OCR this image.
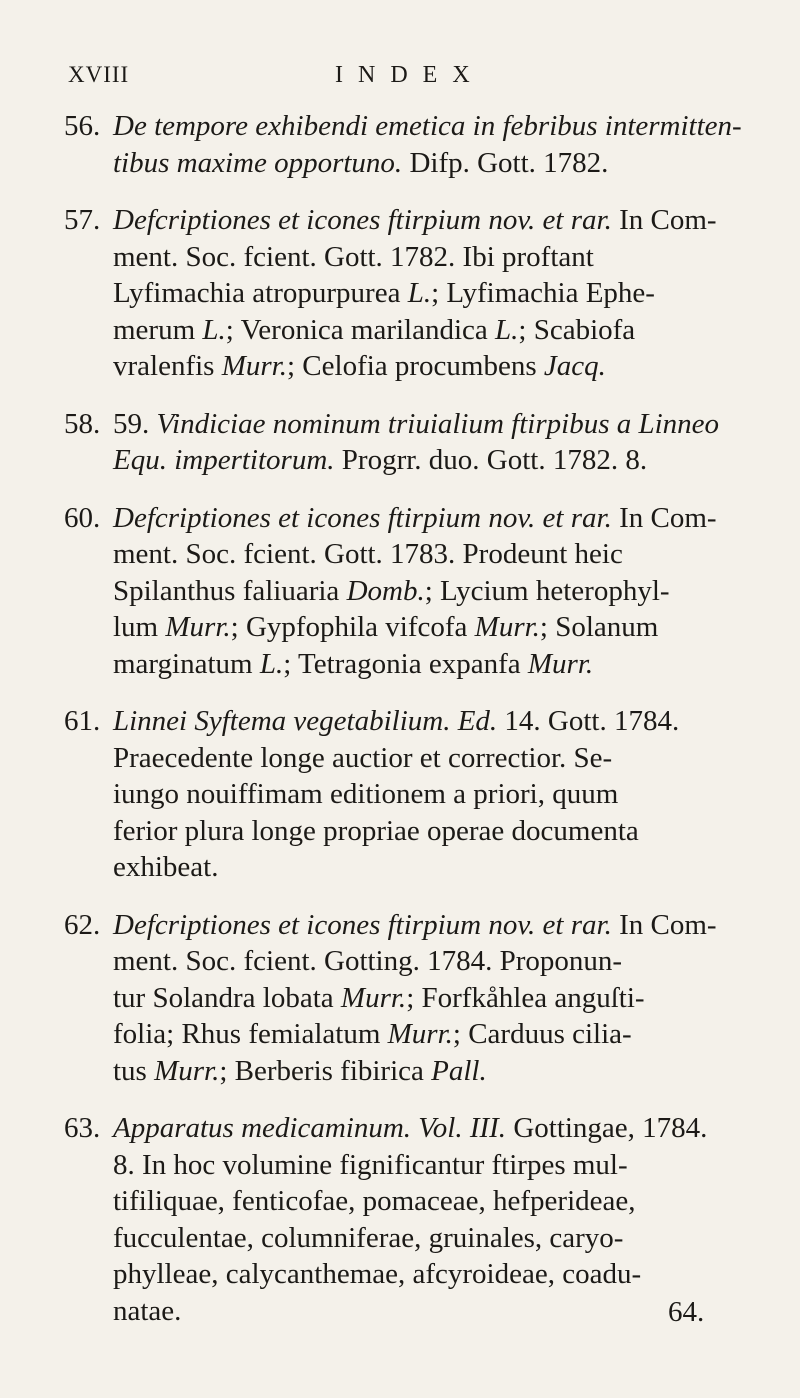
XVIII	INDEX
56. De tempore exhibendi emetica in febribus intermitten-
tibus maxime opportuno. Difp. Gott. 1782.
57. Defcriptiones et icones ftirpium nov. et rar. In Com-
ment. Soc. fcient. Gott. 1782. Ibi proftant
Lyfimachia atropurpurea L.; Lyfimachia Ephe-
merum L.; Veronica marilandica L.; Scabiofa
vralenfis Murr.; Celofia procumbens Jacq.
58. 59. Vindiciae nominum triuialium ftirpibus a Linneo
Equ. impertitorum. Progrr. duo. Gott. 1782. 8.
60. Defcriptiones et icones ftirpium nov. et rar. In Com-
ment. Soc. fcient. Gott. 1783. Prodeunt heic
Spilanthus faliuaria Domb.; Lycium heterophyl-
lum Murr.; Gypfophila vifcofa Murr.; Solanum
marginatum L.; Tetragonia expanfa Murr.
61. Linnei Syftema vegetabilium. Ed. 14. Gott. 1784.
Praecedente longe auctior et correctior. Se-
iungo nouiffimam editionem a priori, quum
ferior plura longe propriae operae documenta
exhibeat.
62. Defcriptiones et icones ftirpium nov. et rar. In Com-
ment. Soc. fcient. Gotting. 1784. Proponun-
tur Solandra lobata Murr.; Forfkåhlea anguſti-
folia; Rhus femialatum Murr.; Carduus cilia-
tus Murr.; Berberis fibirica Pall.
63. Apparatus medicaminum. Vol. III. Gottingae, 1784.
8. In hoc volumine fignificantur ftirpes mul-
tifiliquae, fenticofae, pomaceae, hefperideae,
fucculentae, columniferae, gruinales, caryo-
phylleae, calycanthemae, afcyroideae, coadu-
natae.	64.
